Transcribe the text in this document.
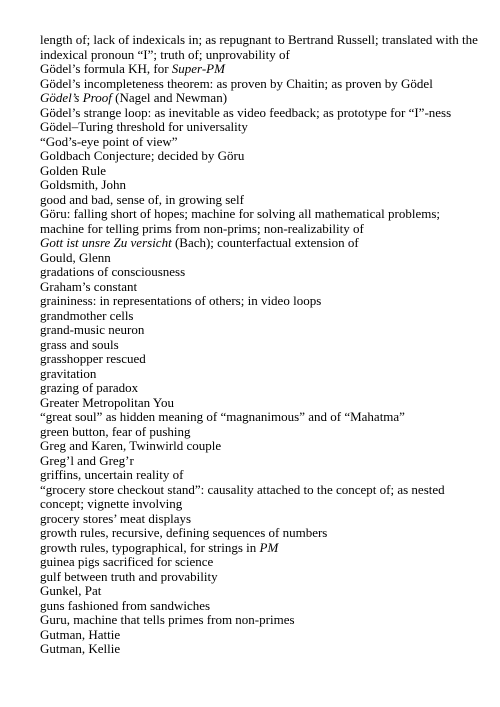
length of; lack of indexicals in; as repugnant to Bertrand Russell; translated with the indexical pronoun “I”; truth of; unprovability of

Gödel’s formula KH, for Super-PM

Gödel’s incompleteness theorem: as proven by Chaitin; as proven by Gödel

Gödel’s Proof (Nagel and Newman)

Gödel’s strange loop: as inevitable as video feedback; as prototype for “I”-ness

Gödel–Turing threshold for universality

“God’s-eye point of view”

Goldbach Conjecture; decided by Göru

Golden Rule

Goldsmith, John

good and bad, sense of, in growing self

Göru: falling short of hopes; machine for solving all mathematical problems; machine for telling prims from non-prims; non-realizability of

Gott ist unsre Zu versicht (Bach); counterfactual extension of

Gould, Glenn

gradations of consciousness

Graham’s constant

graininess: in representations of others; in video loops

grandmother cells

grand-music neuron

grass and souls

grasshopper rescued

gravitation

grazing of paradox

Greater Metropolitan You

“great soul” as hidden meaning of “magnanimous” and of “Mahatma”

green button, fear of pushing

Greg and Karen, Twinwirld couple

Greg’l and Greg’r

griffins, uncertain reality of

“grocery store checkout stand”: causality attached to the concept of; as nested concept; vignette involving

grocery stores’ meat displays

growth rules, recursive, defining sequences of numbers

growth rules, typographical, for strings in PM

guinea pigs sacrificed for science

gulf between truth and provability

Gunkel, Pat

guns fashioned from sandwiches

Guru, machine that tells primes from non-primes

Gutman, Hattie

Gutman, Kellie
